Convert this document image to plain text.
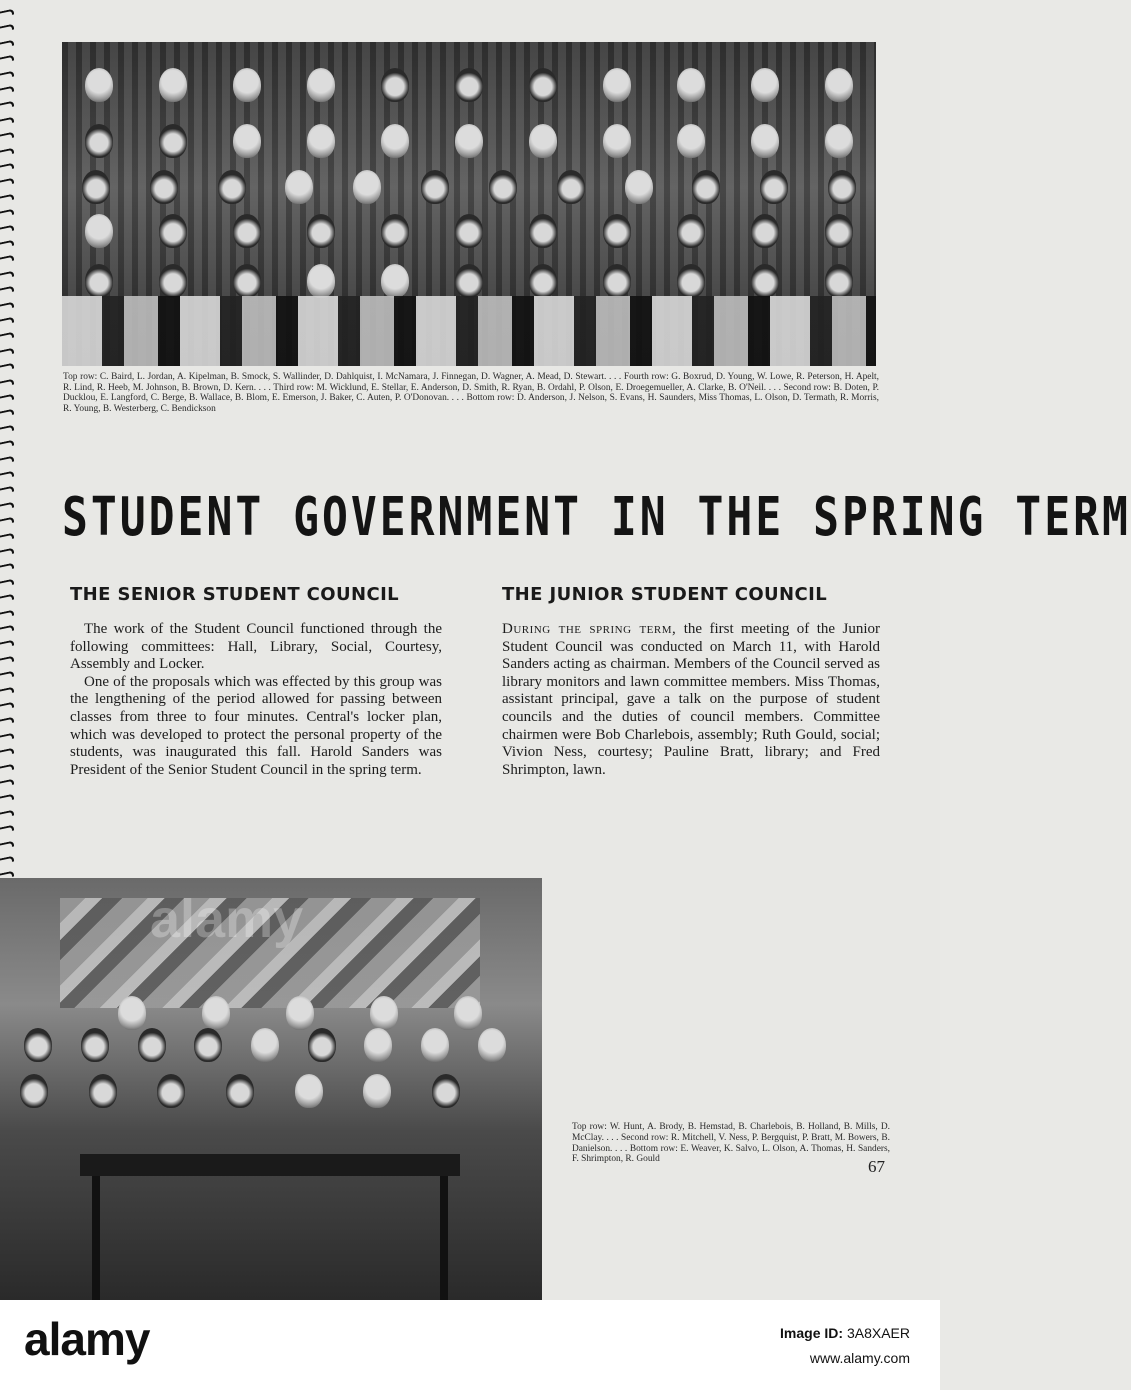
Top row: C. Baird, L. Jordan, A. Kipelman, B. Smock, S. Wallinder, D. Dahlquist, I. McNamara, J. Finnegan, D. Wagner, A. Mead, D. Stewart. . . . Fourth row: G. Boxrud, D. Young, W. Lowe, R. Peterson, H. Apelt, R. Lind, R. Heeb, M. Johnson, B. Brown, D. Kern. . . . Third row: M. Wicklund, E. Stellar, E. Anderson, D. Smith, R. Ryan, B. Ordahl, P. Olson, E. Droegemueller, A. Clarke, B. O'Neil. . . . Second row: B. Doten, P. Ducklou, E. Langford, C. Berge, B. Wallace, B. Blom, E. Emerson, J. Baker, C. Auten, P. O'Donovan. . . . Bottom row: D. Anderson, J. Nelson, S. Evans, H. Saunders, Miss Thomas, L. Olson, D. Termath, R. Morris, R. Young, B. Westerberg, C. Bendickson
STUDENT GOVERNMENT IN THE SPRING TERM
THE SENIOR STUDENT COUNCIL

The work of the Student Council functioned through the following committees: Hall, Library, Social, Courtesy, Assembly and Locker.

One of the proposals which was effected by this group was the lengthening of the period allowed for passing between classes from three to four minutes. Central's locker plan, which was developed to protect the personal property of the students, was inaugurated this fall. Harold Sanders was President of the Senior Student Council in the spring term.

THE JUNIOR STUDENT COUNCIL

During the spring term, the first meeting of the Junior Student Council was conducted on March 11, with Harold Sanders acting as chairman. Members of the Council served as library monitors and lawn committee members. Miss Thomas, assistant principal, gave a talk on the purpose of student councils and the duties of council members. Committee chairmen were Bob Charlebois, assembly; Ruth Gould, social; Vivion Ness, courtesy; Pauline Bratt, library; and Fred Shrimpton, lawn.

alamy
Top row: W. Hunt, A. Brody, B. Hemstad, B. Charlebois, B. Holland, B. Mills, D. McClay. . . . Second row: R. Mitchell, V. Ness, P. Bergquist, P. Bratt, M. Bowers, B. Danielson. . . . Bottom row: E. Weaver, K. Salvo, L. Olson, A. Thomas, H. Sanders, F. Shrimpton, R. Gould	67
alamy	Image ID: 3A8XAER
www.alamy.com
